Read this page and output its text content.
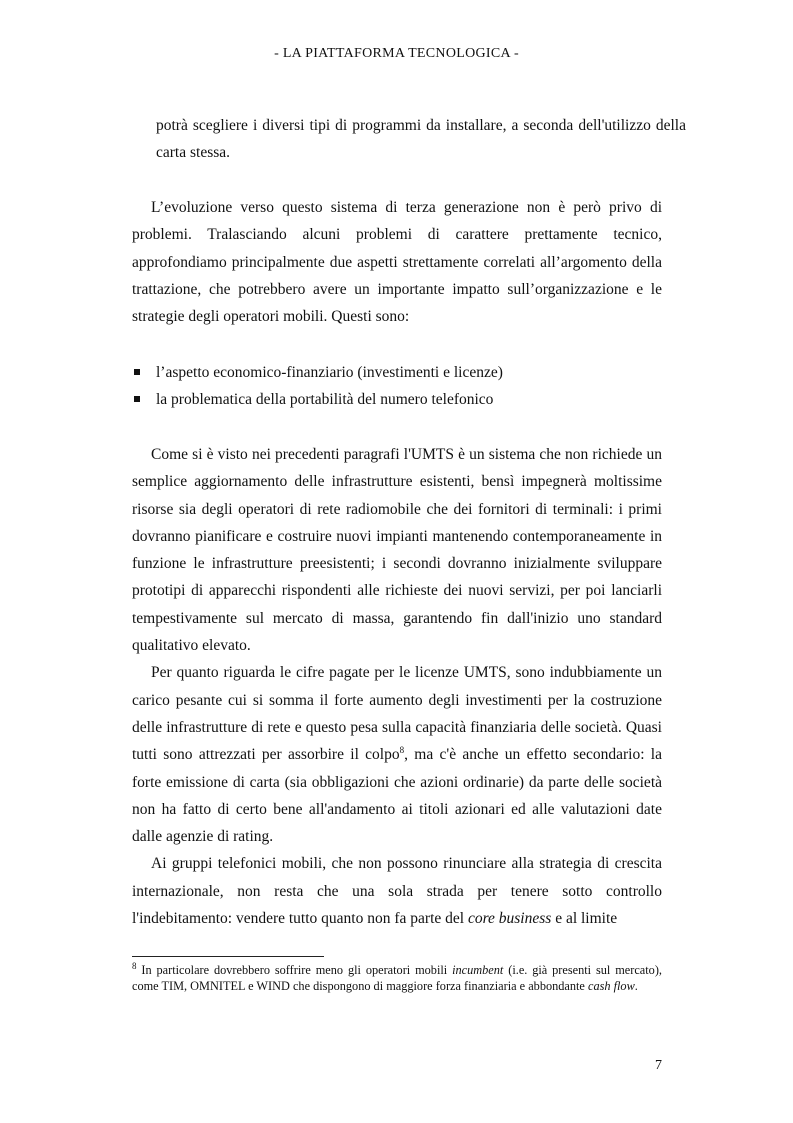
- LA PIATTAFORMA TECNOLOGICA -

potrà scegliere i diversi tipi di programmi da installare, a seconda dell'utilizzo della carta stessa.

L’evoluzione verso questo sistema di terza generazione non è però privo di problemi. Tralasciando alcuni problemi di carattere prettamente tecnico, approfondiamo principalmente due aspetti strettamente correlati all’argomento della trattazione, che potrebbero avere un importante impatto sull’organizzazione e le strategie degli operatori mobili. Questi sono:

l’aspetto economico-finanziario (investimenti e licenze)
la problematica della portabilità del numero telefonico

Come si è visto nei precedenti paragrafi l'UMTS è un sistema che non richiede un semplice aggiornamento delle infrastrutture esistenti, bensì impegnerà moltissime risorse sia degli operatori di rete radiomobile che dei fornitori di terminali: i primi dovranno pianificare e costruire nuovi impianti mantenendo contemporaneamente in funzione le infrastrutture preesistenti; i secondi dovranno inizialmente sviluppare prototipi di apparecchi rispondenti alle richieste dei nuovi servizi, per poi lanciarli tempestivamente sul mercato di massa, garantendo fin dall'inizio uno standard qualitativo elevato.

Per quanto riguarda le cifre pagate per le licenze UMTS, sono indubbiamente un carico pesante cui si somma il forte aumento degli investimenti per la costruzione delle infrastrutture di rete e questo pesa sulla capacità finanziaria delle società. Quasi tutti sono attrezzati per assorbire il colpo$^8$, ma c'è anche un effetto secondario: la forte emissione di carta (sia obbligazioni che azioni ordinarie) da parte delle società non ha fatto di certo bene all'andamento ai titoli azionari ed alle valutazioni date dalle agenzie di rating.

Ai gruppi telefonici mobili, che non possono rinunciare alla strategia di crescita internazionale, non resta che una sola strada per tenere sotto controllo l'indebitamento: vendere tutto quanto non fa parte del core business e al limite

$^8$ In particolare dovrebbero soffrire meno gli operatori mobili incumbent (i.e. già presenti sul mercato), come TIM, OMNITEL e WIND che dispongono di maggiore forza finanziaria e abbondante cash flow.
7
